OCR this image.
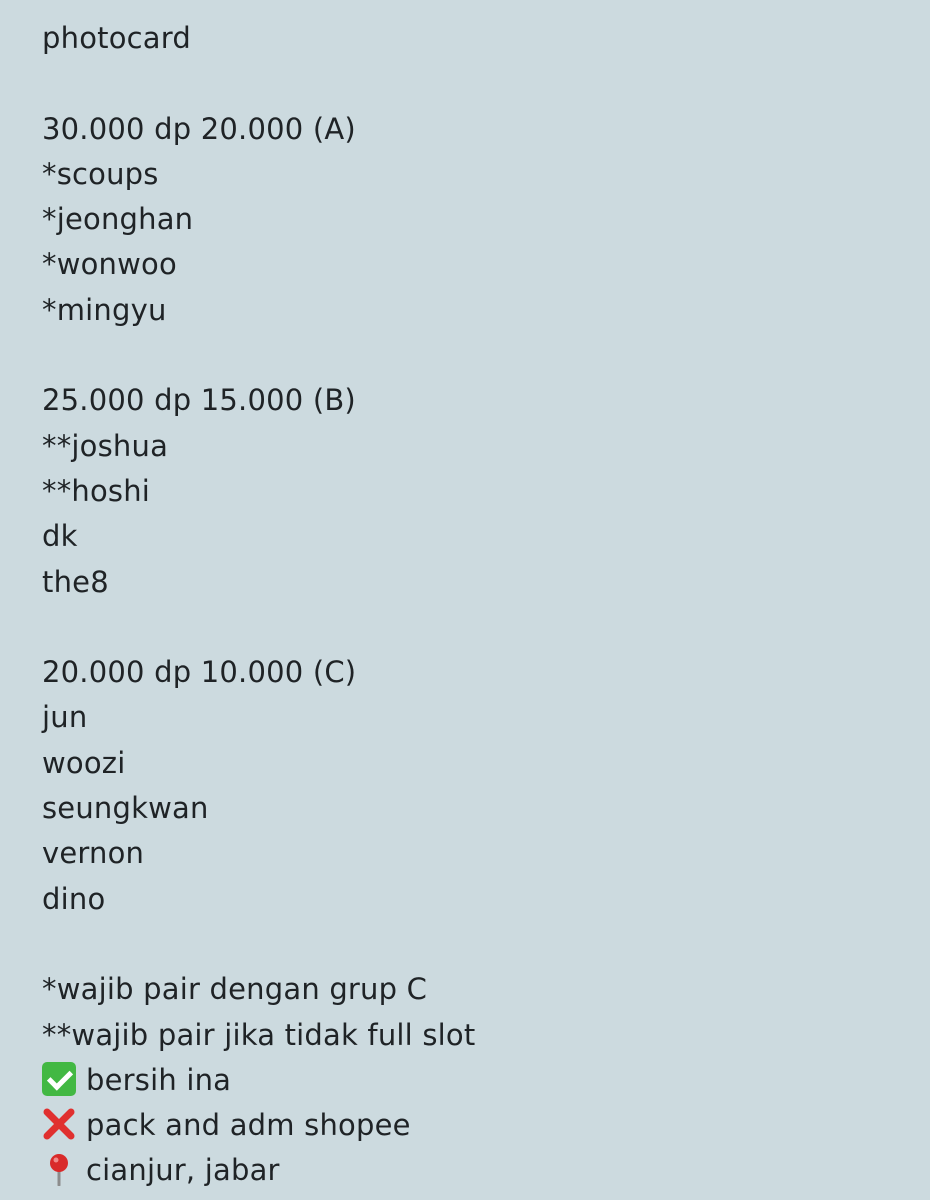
photocard
30.000 dp 20.000 (A)
*scoups
*jeonghan
*wonwoo
*mingyu
25.000 dp 15.000 (B)
**joshua
**hoshi
dk
the8
20.000 dp 10.000 (C)
jun
woozi
seungkwan
vernon
dino
*wajib pair dengan grup C
**wajib pair jika tidak full slot
bersih ina
pack and adm shopee
cianjur, jabar
